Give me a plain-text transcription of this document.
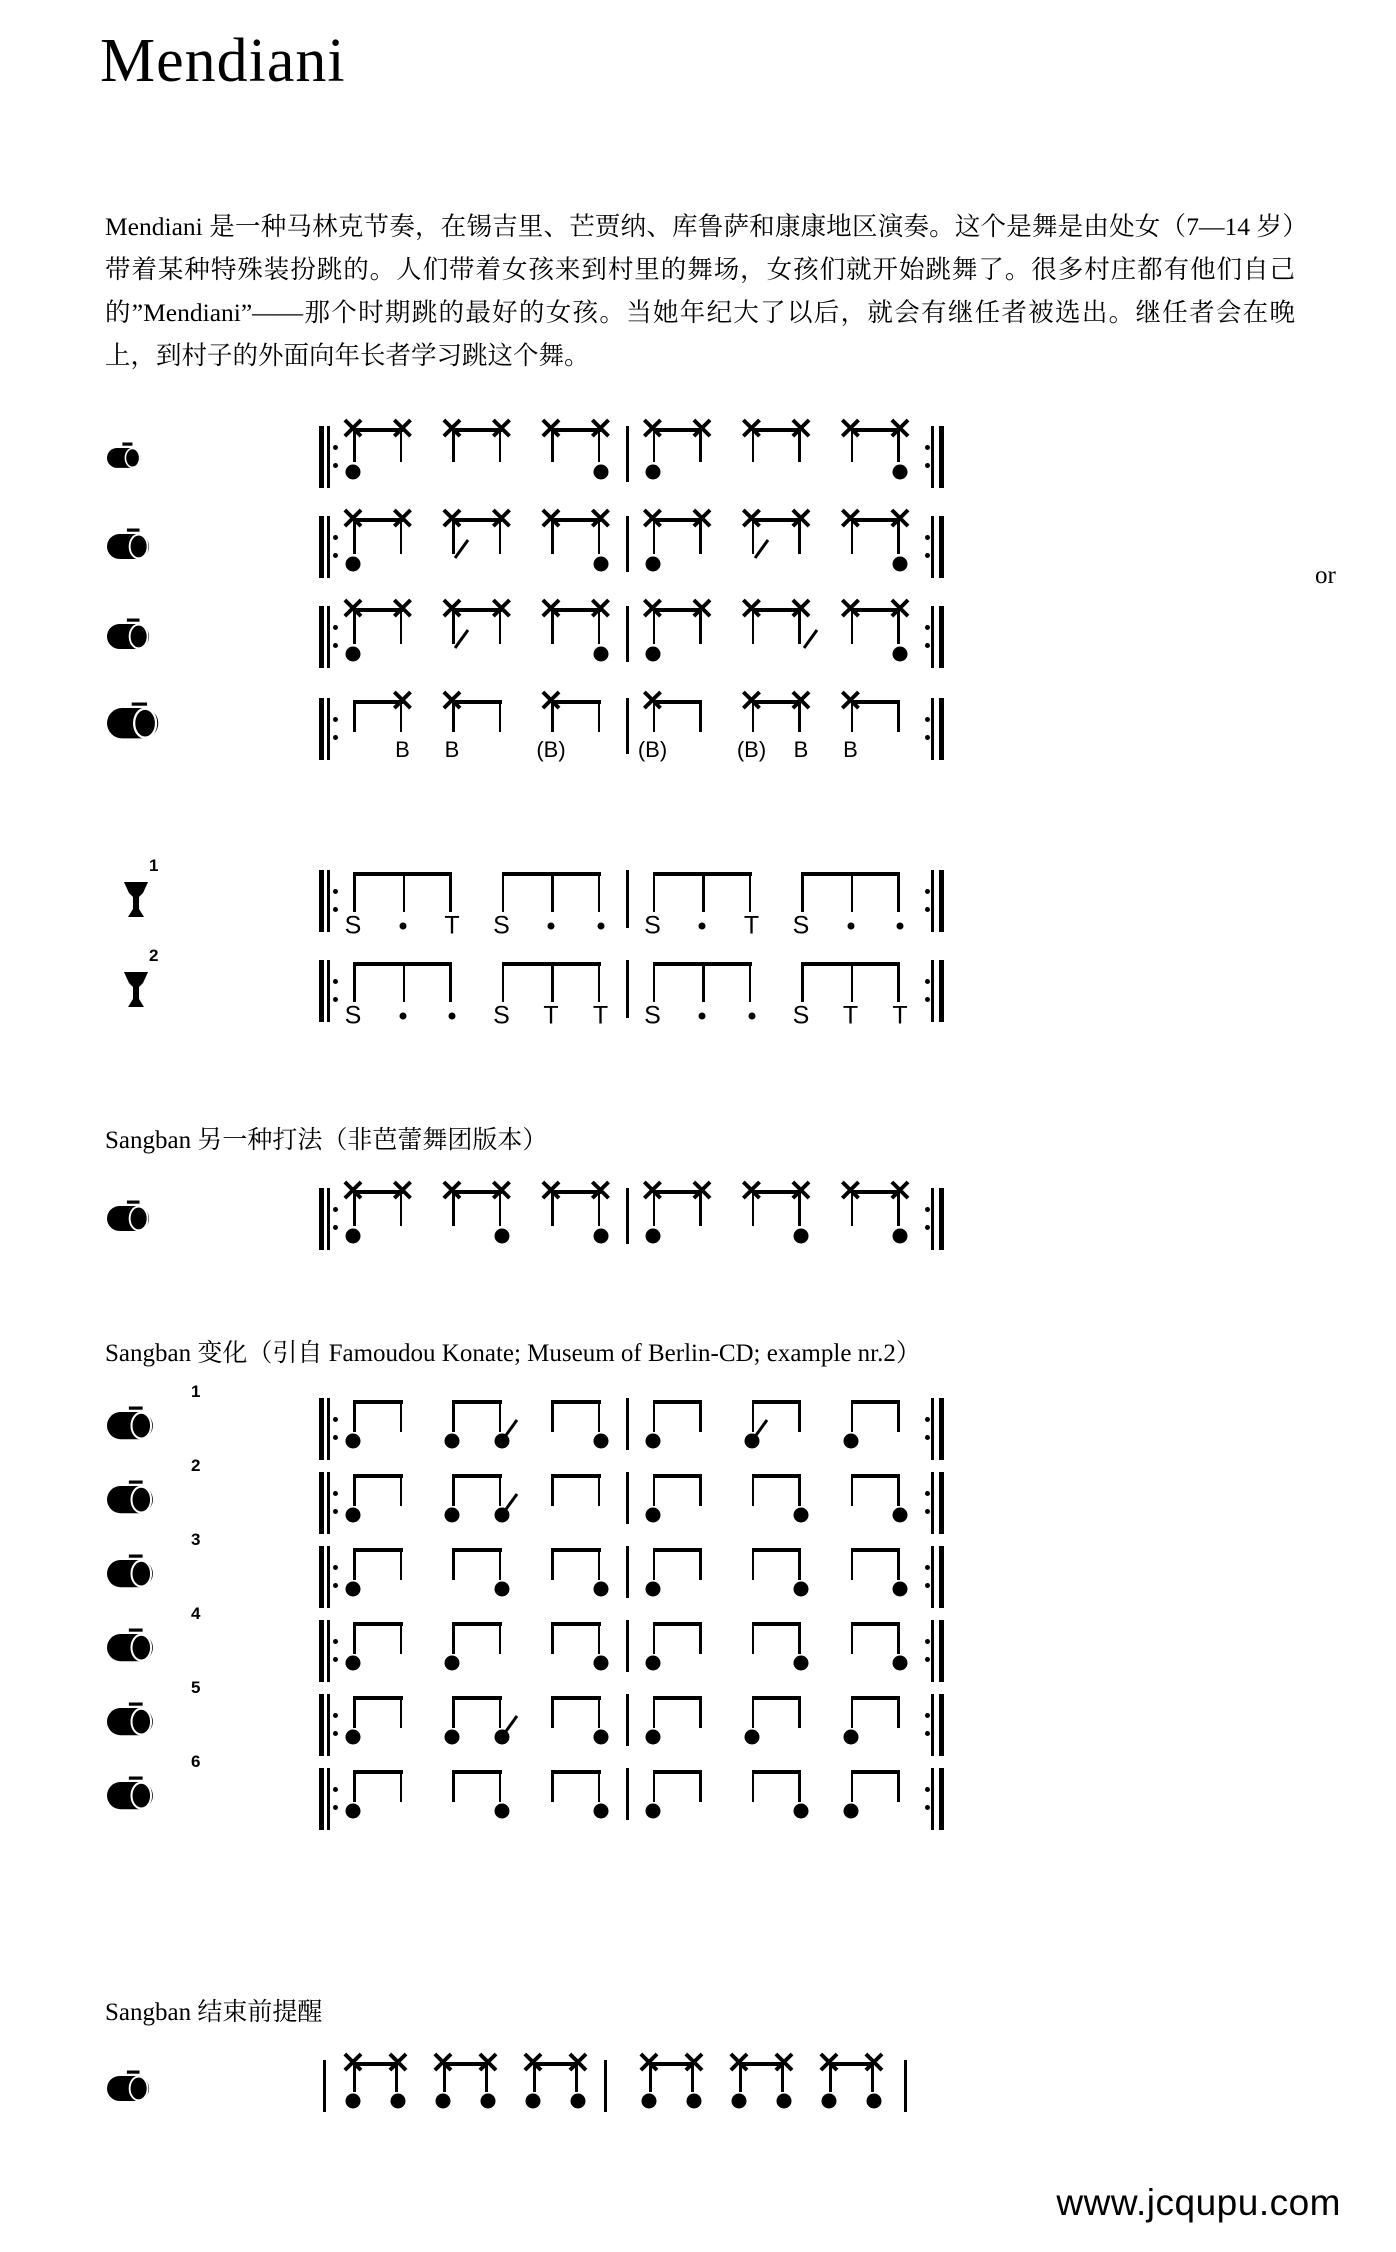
Mendiani
Mendiani 是一种马林克节奏，在锡吉里、芒贾纳、库鲁萨和康康地区演奏。这个是舞是由处女（7—14 岁）带着某种特殊装扮跳的。人们带着女孩来到村里的舞场，女孩们就开始跳舞了。很多村庄都有他们自己的”Mendiani”——那个时期跳的最好的女孩。当她年纪大了以后，就会有继任者被选出。继任者会在晚上，到村子的外面向年长者学习跳这个舞。
or
Sangban 另一种打法（非芭蕾舞团版本）
Sangban 变化（引自 Famoudou Konate; Museum of Berlin-CD; example nr.2）
Sangban 结束前提醒
www.jcqupu.com
✕ ✕ ✕ ✕ ✕ ✕ ✕ ✕ ✕ ✕ ✕ ✕
✕ ✕ ✕ ✕ ✕ ✕ ✕ ✕ ✕ ✕ ✕ ✕
✕ ✕ ✕ ✕ ✕ ✕ ✕ ✕ ✕ ✕ ✕ ✕
✕
B
✕
B
✕
(B)
✕
(B)
✕
(B)
✕
B
✕
B
1
S	T S	S	T S
2
S	S T T S	S T T
✕ ✕ ✕ ✕ ✕ ✕ ✕ ✕ ✕ ✕ ✕ ✕
1
2
3
4
5
6
✕ ✕ ✕ ✕ ✕ ✕ ✕ ✕ ✕ ✕ ✕ ✕
